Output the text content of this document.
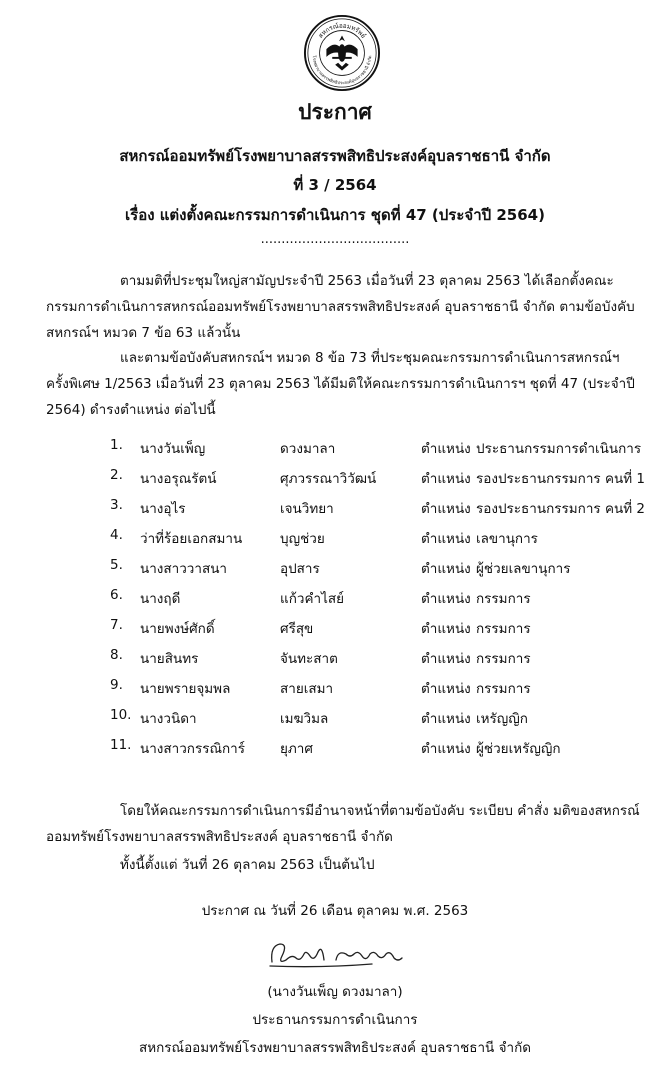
สหกรณ์ออมทรัพย์
โรงพยาบาลสรรพสิทธิประสงค์อุบลราชธานี จำกัด
ประกาศ
สหกรณ์ออมทรัพย์โรงพยาบาลสรรพสิทธิประสงค์อุบลราชธานี จำกัด
ที่ 3 / 2564
เรื่อง แต่งตั้งคณะกรรมการดำเนินการ ชุดที่ 47 (ประจำปี 2564)
....................................
ตามมติที่ประชุมใหญ่สามัญประจำปี 2563 เมื่อวันที่ 23 ตุลาคม 2563 ได้เลือกตั้งคณะกรรมการดำเนินการสหกรณ์ออมทรัพย์โรงพยาบาลสรรพสิทธิประสงค์ อุบลราชธานี จำกัด ตามข้อบังคับสหกรณ์ฯ หมวด 7 ข้อ 63 แล้วนั้น
และตามข้อบังคับสหกรณ์ฯ หมวด 8 ข้อ 73 ที่ประชุมคณะกรรมการดำเนินการสหกรณ์ฯ ครั้งพิเศษ 1/2563 เมื่อวันที่ 23 ตุลาคม 2563 ได้มีมติให้คณะกรรมการดำเนินการฯ ชุดที่ 47 (ประจำปี 2564) ดำรงตำแหน่ง ต่อไปนี้
1. นางวันเพ็ญ	ดวงมาลา	ตำแหน่ง ประธานกรรมการดำเนินการ
2. นางอรุณรัตน์	ศุภวรรณาวิวัฒน์	ตำแหน่ง รองประธานกรรมการ คนที่ 1
3. นางอุไร	เจนวิทยา	ตำแหน่ง รองประธานกรรมการ คนที่ 2
4. ว่าที่ร้อยเอกสมาน	บุญช่วย	ตำแหน่ง เลขานุการ
5. นางสาววาสนา	อุปสาร	ตำแหน่ง ผู้ช่วยเลขานุการ
6. นางฤดี	แก้วคำไสย์	ตำแหน่ง กรรมการ
7. นายพงษ์ศักดิ์	ศรีสุข	ตำแหน่ง กรรมการ
8. นายสินทร	จันทะสาต	ตำแหน่ง กรรมการ
9. นายพรายจุมพล	สายเสมา	ตำแหน่ง กรรมการ
10. นางวนิดา	เมฆวิมล	ตำแหน่ง เหรัญญิก
11. นางสาวกรรณิการ์	ยุภาศ	ตำแหน่ง ผู้ช่วยเหรัญญิก
โดยให้คณะกรรมการดำเนินการมีอำนาจหน้าที่ตามข้อบังคับ ระเบียบ คำสั่ง มติของสหกรณ์ออมทรัพย์โรงพยาบาลสรรพสิทธิประสงค์ อุบลราชธานี จำกัด
ทั้งนี้ตั้งแต่ วันที่ 26 ตุลาคม 2563 เป็นต้นไป
ประกาศ ณ วันที่ 26 เดือน ตุลาคม พ.ศ. 2563
(นางวันเพ็ญ ดวงมาลา)
ประธานกรรมการดำเนินการ
สหกรณ์ออมทรัพย์โรงพยาบาลสรรพสิทธิประสงค์ อุบลราชธานี จำกัด
